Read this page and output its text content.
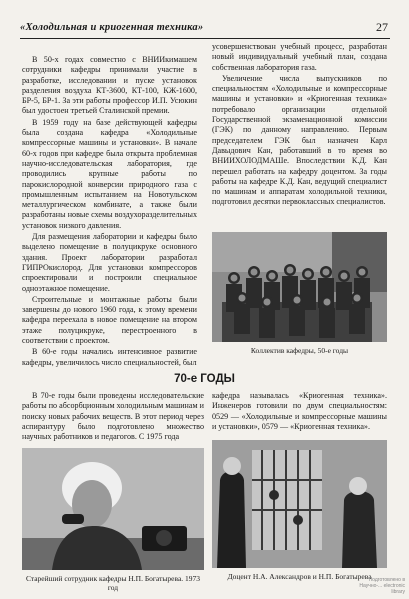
«Холодильная и криогенная техника»	27

В 50-х годах совместно с ВНИИкимашем сотрудники кафедры принимали участие в разработке, исследовании и пуске установок разделения воздуха КТ-3600, КТ-100, КЖ-1600, БР-5, БР-1. За эти работы профессор И.П. Усюкин был удостоен третьей Сталинской премии.

В 1959 году на базе действующей кафедры была создана кафедра «Холодильные компрессорные машины и установки». В начале 60-х годов при кафедре была открыта проблемная научно-исследовательская лаборатория, где проводились крупные работы по парокислородной конверсии природного газа с промышленным испытанием на Новотульском металлургическом комбинате, а также были разработаны новые схемы воздухоразделительных установок низкого давления.

Для размещения лаборатории и кафедры было выделено помещение в полуцикруке основного здания. Проект лаборатории разработал ГИПРОкислород. Для установки компрессоров спроектировали и построили специальное одноэтажное помещение.

Строительные и монтажные работы были завершены до нового 1960 года, к этому времени кафедра переехала в новое помещение на втором этаже полуцикруке, перестроенного в соответствии с проектом.

В 60-е годы начались интенсивное развитие кафедры, увеличилось число специальностей, был

усовершенствован учебный процесс, разработан новый индивидуальный учебный план, создана собственная лаборатория газа.

Увеличение числа выпускников по специальностям «Холодильные и компрессорные машины и установки» и «Криогенная техника» потребовало организации отдельной Государственной экзаменационной комиссии (ГЭК) по данному направлению. Первым председателем ГЭК был назначен Карл Давыдович Кан, работавший в то время во ВНИИХОЛОДМАШе. Впоследствии К.Д. Кан перешел работать на кафедру доцентом. За годы работы на кафедре К.Д. Кан, ведущий специалист по машинам и аппаратам холодильной техники, подготовил десятки первоклассных специалистов.

Коллектив кафедры, 50-е годы
70-е ГОДЫ

В 70-е годы были проведены исследовательские работы по абсорбционным холодильным машинам и поиску новых рабочих веществ. В этот период через аспирантуру было подготовлено множество научных работников и педагогов. С 1975 года

кафедра называлась «Криогенная техника». Инженеров готовили по двум специальностям: 0529 — «Холодильные и компрессорные машины и установки», 0579 — «Криогенная техника».

Старейший сотрудник кафедры Н.П. Богатырева. 1973 год
Доцент Н.А. Александров и Н.П. Богатырева
Подготовлено в Научно-... electronic library
